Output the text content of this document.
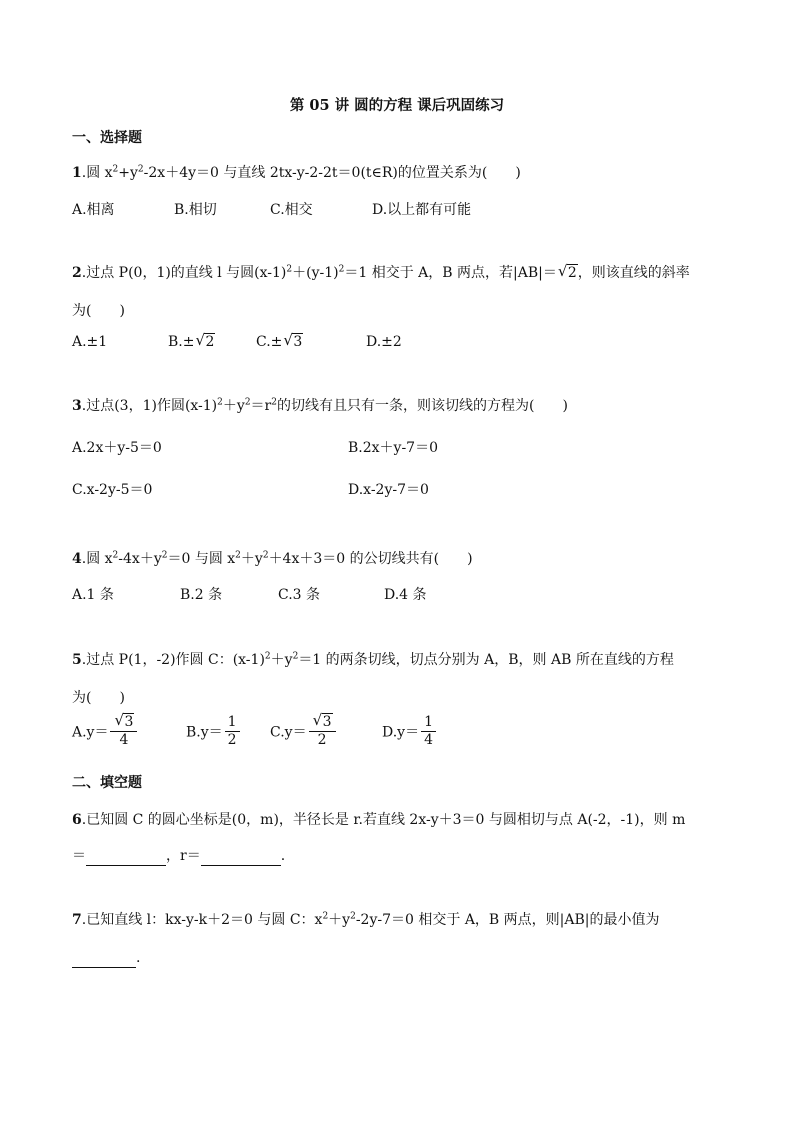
第 05 讲 圆的方程 课后巩固练习
一、选择题
1.圆 $x^2+y^2-2x+4y=0$ 与直线 2tx-y-2-2t＝0(t∈R)的位置关系为(　　)
A.相离	B.相切	C.相交	D.以上都有可能
2.过点 P(0，1)的直线 l 与圆$(x-1)^2+(y-1)^2=1$ 相交于 A，B 两点，若|AB|＝ √ 2，则该直线的斜率
为(　　)
A.±1	B.± √ 2	C.± √ 3	D.±2
3.过点(3，1)作圆$(x-1)^2+y^2=r^2$的切线有且只有一条，则该切线的方程为(　　)
A.2x＋y-5＝0	B.2x＋y-7＝0
C.x-2y-5＝0	D.x-2y-7＝0
4.圆 $x^2-4x+y^2=0$ 与圆 $x^2+y^2+4x+3=0$ 的公切线共有(　　)
A.1 条	B.2 条	C.3 条	D.4 条
5.过点 P(1，-2)作圆 C：$(x-1)^2+y^2=1$ 的两条切线，切点分别为 A，B，则 AB 所在直线的方程
为(　　)
$A.y= \frac{√ 3}{4}$	$B.y= \frac{1}{2} C.y= \frac{√ 3}{2}$	$D.y= \frac{1}{4}$
二、填空题
6.已知圆 C 的圆心坐标是(0，m)，半径长是 r.若直线 2x-y＋3＝0 与圆相切与点 A(-2，-1)，则 m
＝	，r＝	.
7.已知直线 l：kx-y-k＋2＝0 与圆 C：$x^2+y^2-2y-7=0$ 相交于 A，B 两点，则|AB|的最小值为
.
